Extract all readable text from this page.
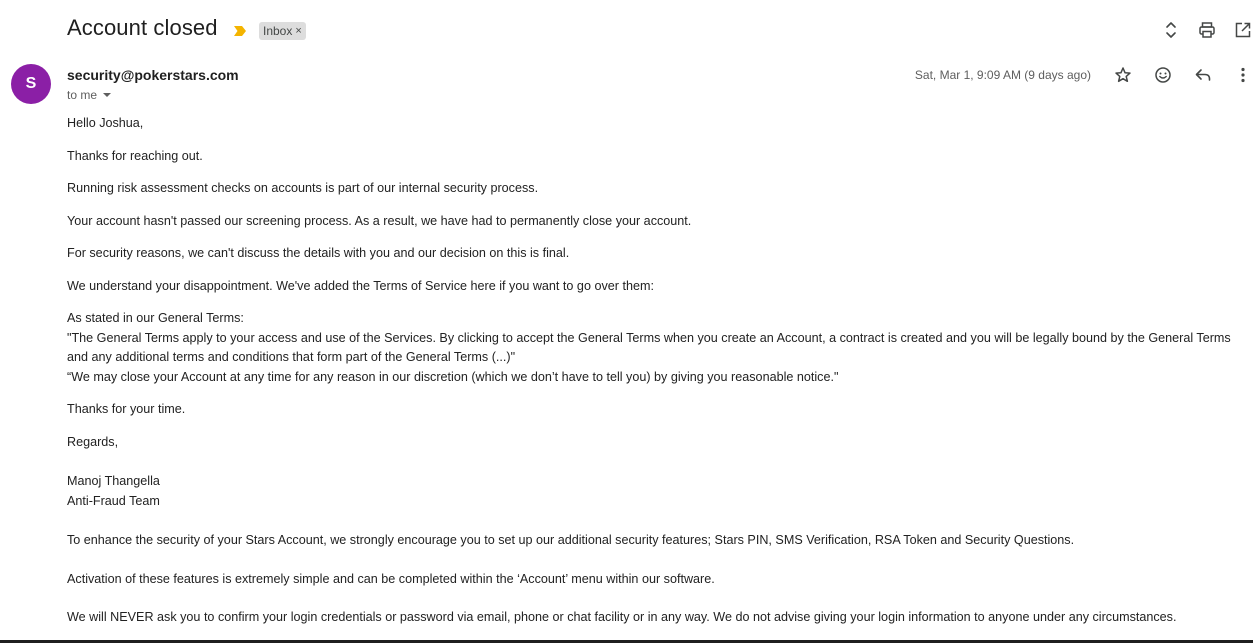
Account closed	Inbox ×
S	security@pokerstars.com
to me
Sat, Mar 1, 9:09 AM (9 days ago)

Hello Joshua,

Thanks for reaching out.

Running risk assessment checks on accounts is part of our internal security process.

Your account hasn't passed our screening process. As a result, we have had to permanently close your account.

For security reasons, we can't discuss the details with you and our decision on this is final.

We understand your disappointment. We've added the Terms of Service here if you want to go over them:

As stated in our General Terms:

"The General Terms apply to your access and use of the Services. By clicking to accept the General Terms when you create an Account, a contract is created and you will be legally bound by the General Terms and any additional terms and conditions that form part of the General Terms (...)"

“We may close your Account at any time for any reason in our discretion (which we don’t have to tell you) by giving you reasonable notice."

Thanks for your time.

Regards,

Manoj Thangella

Anti-Fraud Team

To enhance the security of your Stars Account, we strongly encourage you to set up our additional security features; Stars PIN, SMS Verification, RSA Token and Security Questions.

Activation of these features is extremely simple and can be completed within the ‘Account’ menu within our software.

We will NEVER ask you to confirm your login credentials or password via email, phone or chat facility or in any way. We do not advise giving your login information to anyone under any circumstances.
